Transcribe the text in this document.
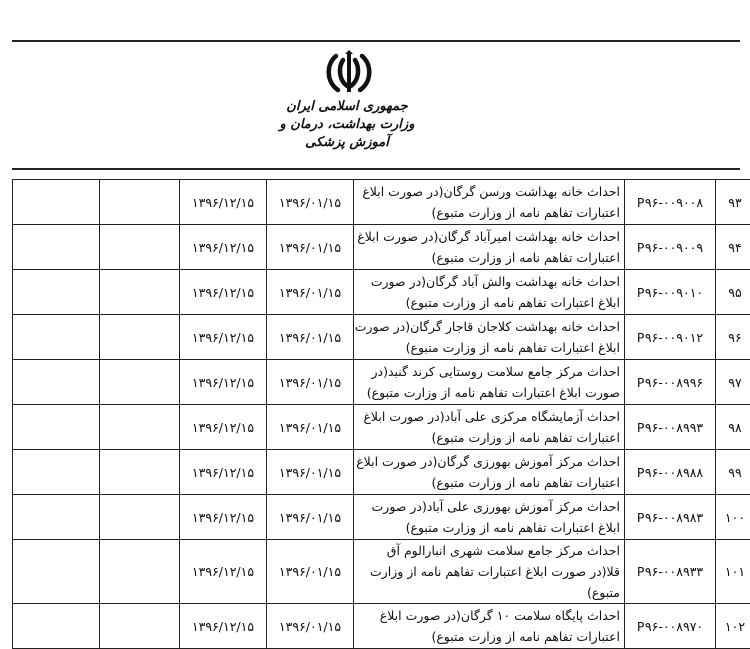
جمهوری اسلامی ایران
وزارت بهداشت، درمان و آموزش پزشکی
۹۳	P۹۶-۰۰۹۰۰۸	احداث خانه بهداشت ورسن گرگان(در صورت ابلاغ اعتبارات تفاهم نامه از وزارت متبوع)	۱۳۹۶/۰۱/۱۵	۱۳۹۶/۱۲/۱۵		
۹۴	P۹۶-۰۰۹۰۰۹	احداث خانه بهداشت امیرآباد گرگان(در صورت ابلاغ اعتبارات تفاهم نامه از وزارت متبوع)	۱۳۹۶/۰۱/۱۵	۱۳۹۶/۱۲/۱۵		
۹۵	P۹۶-۰۰۹۰۱۰	احداث خانه بهداشت والش آباد گرگان(در صورت ابلاغ اعتبارات تفاهم نامه از وزارت متبوع)	۱۳۹۶/۰۱/۱۵	۱۳۹۶/۱۲/۱۵		
۹۶	P۹۶-۰۰۹۰۱۲	احداث خانه بهداشت کلاجان قاجار گرگان(در صورت ابلاغ اعتبارات تفاهم نامه از وزارت متبوع)	۱۳۹۶/۰۱/۱۵	۱۳۹۶/۱۲/۱۵		
۹۷	P۹۶-۰۰۸۹۹۶	احداث مرکز جامع سلامت روستایی کرند گنبد(در صورت ابلاغ اعتبارات تفاهم نامه از وزارت متبوع)	۱۳۹۶/۰۱/۱۵	۱۳۹۶/۱۲/۱۵		
۹۸	P۹۶-۰۰۸۹۹۳	احداث آزمایشگاه مرکزی علی آباد(در صورت ابلاغ اعتبارات تفاهم نامه از وزارت متبوع)	۱۳۹۶/۰۱/۱۵	۱۳۹۶/۱۲/۱۵		
۹۹	P۹۶-۰۰۸۹۸۸	احداث مرکز آموزش بهورزی گرگان(در صورت ابلاغ اعتبارات تفاهم نامه از وزارت متبوع)	۱۳۹۶/۰۱/۱۵	۱۳۹۶/۱۲/۱۵		
۱۰۰	P۹۶-۰۰۸۹۸۳	احداث مرکز آموزش بهورزی علی آباد(در صورت ابلاغ اعتبارات تفاهم نامه از وزارت متبوع)	۱۳۹۶/۰۱/۱۵	۱۳۹۶/۱۲/۱۵		
۱۰۱	P۹۶-۰۰۸۹۳۳	احداث مرکز جامع سلامت شهری انبارالوم آق قلا(در صورت ابلاغ اعتبارات تفاهم نامه از وزارت متبوع)	۱۳۹۶/۰۱/۱۵	۱۳۹۶/۱۲/۱۵		
۱۰۲	P۹۶-۰۰۸۹۷۰	احداث پایگاه سلامت ۱۰ گرگان(در صورت ابلاغ اعتبارات تفاهم نامه از وزارت متبوع)	۱۳۹۶/۰۱/۱۵	۱۳۹۶/۱۲/۱۵		
